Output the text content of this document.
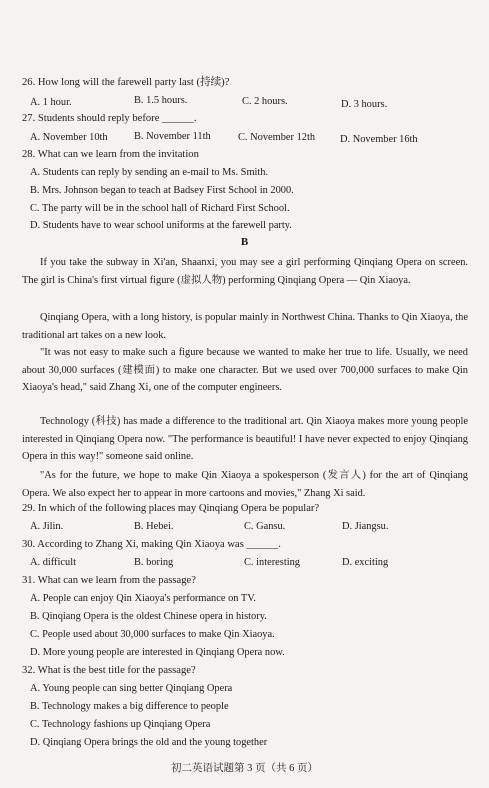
26. How long will the farewell party last (持续)?
A. 1 hour.	B. 1.5 hours.	C. 2 hours.	D. 3 hours.
27. Students should reply before ______.
A. November 10th	B. November 11th	C. November 12th D. November 16th
28. What can we learn from the invitation
A. Students can reply by sending an e-mail to Ms. Smith.
B. Mrs. Johnson began to teach at Badsey First School in 2000.
C. The party will be in the school hall of Richard First School.
D. Students have to wear school uniforms at the farewell party.
B
If you take the subway in Xi'an, Shaanxi, you may see a girl performing Qinqiang Opera on screen. The girl is China's first virtual figure (虚拟人物) performing Qinqiang Opera — Qin Xiaoya.
Qinqiang Opera, with a long history, is popular mainly in Northwest China. Thanks to Qin Xiaoya, the traditional art takes on a new look.
"It was not easy to make such a figure because we wanted to make her true to life. Usually, we need about 30,000 surfaces (建模面) to make one character. But we used over 700,000 surfaces to make Qin Xiaoya's head," said Zhang Xi, one of the computer engineers.
Technology (科技) has made a difference to the traditional art. Qin Xiaoya makes more young people interested in Qinqiang Opera now. "The performance is beautiful! I have never expected to enjoy Qinqiang Opera in this way!" someone said online.
"As for the future, we hope to make Qin Xiaoya a spokesperson (发言人) for the art of Qinqiang Opera. We also expect her to appear in more cartoons and movies," Zhang Xi said.
29. In which of the following places may Qinqiang Opera be popular?
A. Jilin.	B. Hebei.	C. Gansu.	D. Jiangsu.
30. According to Zhang Xi, making Qin Xiaoya was ______.
A. difficult	B. boring	C. interesting	D. exciting
31. What can we learn from the passage?
A. People can enjoy Qin Xiaoya's performance on TV.
B. Qinqiang Opera is the oldest Chinese opera in history.
C. People used about 30,000 surfaces to make Qin Xiaoya.
D. More young people are interested in Qinqiang Opera now.
32. What is the best title for the passage?
A. Young people can sing better Qinqiang Opera
B. Technology makes a big difference to people
C. Technology fashions up Qinqiang Opera
D. Qinqiang Opera brings the old and the young together
初二英语试题第 3 页（共 6 页）
